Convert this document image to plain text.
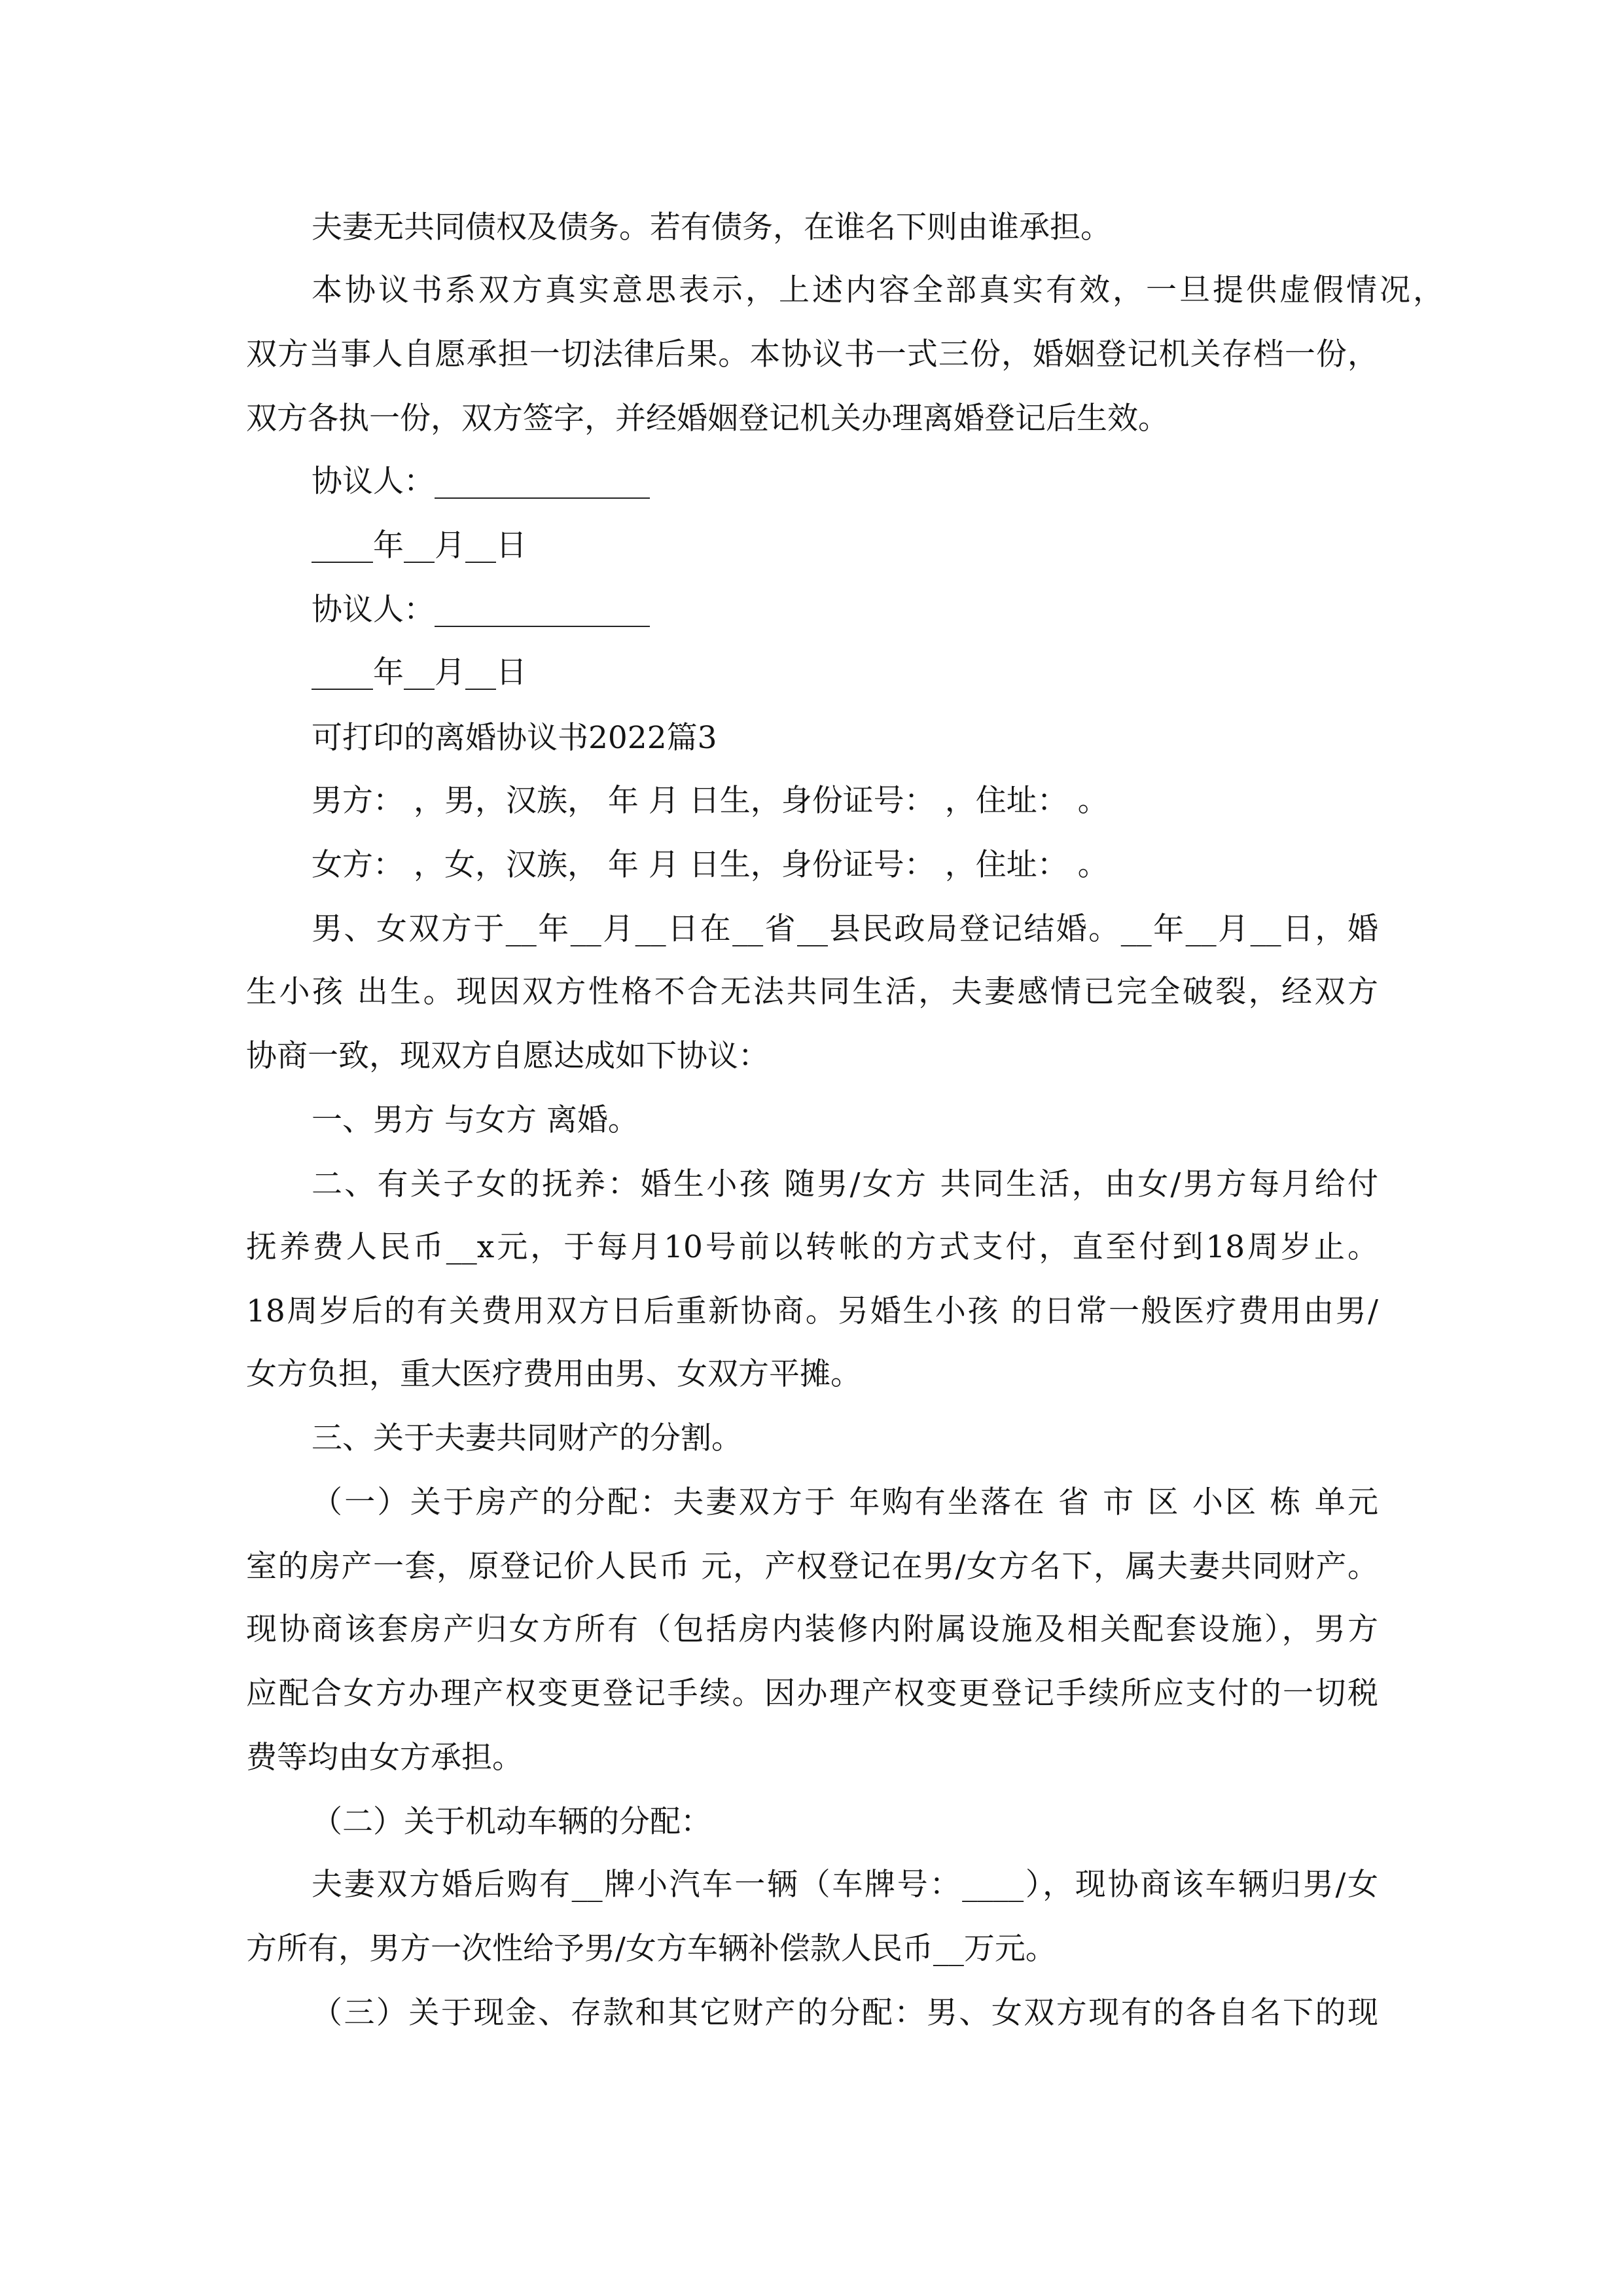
夫妻无共同债权及债务。若有债务，在谁名下则由谁承担。
本协议书系双方真实意思表示，上述内容全部真实有效，一旦提供虚假情况，
双方当事人自愿承担一切法律后果。本协议书一式三份，婚姻登记机关存档一份，
双方各执一份，双方签字，并经婚姻登记机关办理离婚登记后生效。
协议人：______________
____年__月__日
协议人：______________
____年__月__日
可打印的离婚协议书2022篇3
男方： ，男，汉族， 年 月 日生，身份证号： ，住址： 。
女方： ，女，汉族， 年 月 日生，身份证号： ，住址： 。
男、女双方于__年__月__日在__省__县民政局登记结婚。__年__月__日，婚
生小孩 出生。现因双方性格不合无法共同生活，夫妻感情已完全破裂，经双方
协商一致，现双方自愿达成如下协议：
一、男方 与女方 离婚。
二、有关子女的抚养：婚生小孩 随男/女方 共同生活，由女/男方每月给付
抚养费人民币__x元，于每月10号前以转帐的方式支付，直至付到18周岁止。
18周岁后的有关费用双方日后重新协商。另婚生小孩 的日常一般医疗费用由男/
女方负担，重大医疗费用由男、女双方平摊。
三、关于夫妻共同财产的分割。
（一）关于房产的分配：夫妻双方于 年购有坐落在 省 市 区 小区 栋 单元
室的房产一套，原登记价人民币 元，产权登记在男/女方名下，属夫妻共同财产。
现协商该套房产归女方所有（包括房内装修内附属设施及相关配套设施），男方
应配合女方办理产权变更登记手续。因办理产权变更登记手续所应支付的一切税
费等均由女方承担。
（二）关于机动车辆的分配：
夫妻双方婚后购有__牌小汽车一辆（车牌号：____），现协商该车辆归男/女
方所有，男方一次性给予男/女方车辆补偿款人民币__万元。
（三）关于现金、存款和其它财产的分配：男、女双方现有的各自名下的现
